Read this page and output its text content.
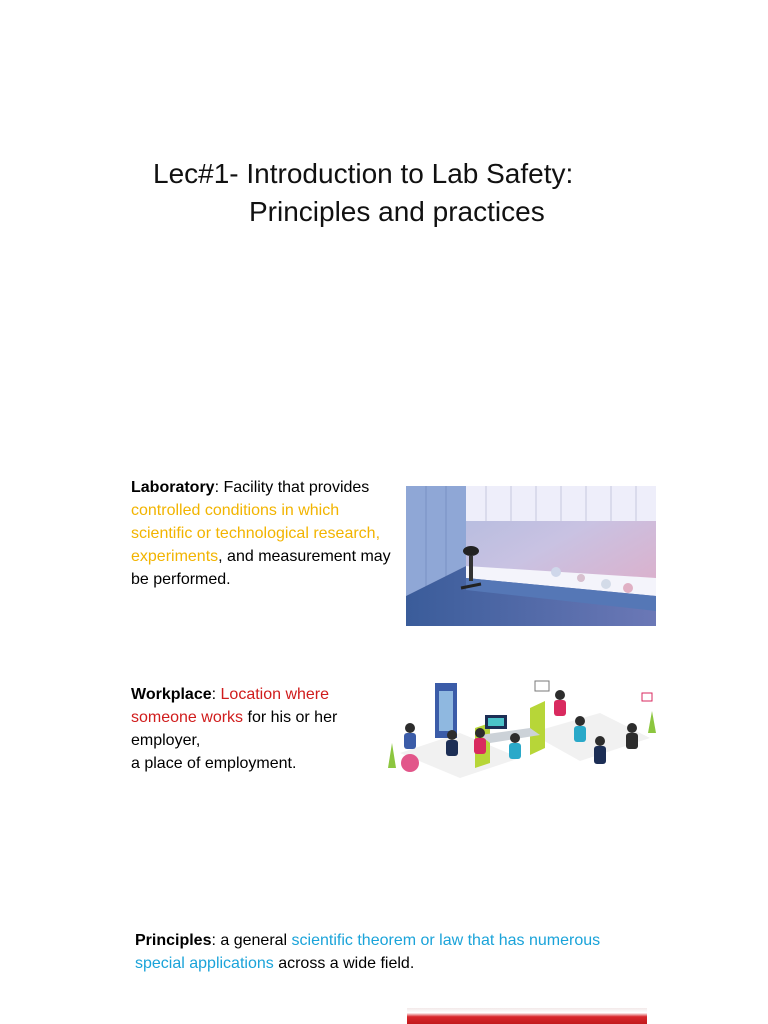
Lec#1- Introduction to Lab Safety:
Principles and practices
Laboratory: Facility that provides controlled conditions in which scientific or technological research, experiments, and measurement may be performed.
Workplace: Location where someone works for his or her employer,
a place of employment.
Principles: a general scientific theorem or law that has numerous special applications across a wide field.
